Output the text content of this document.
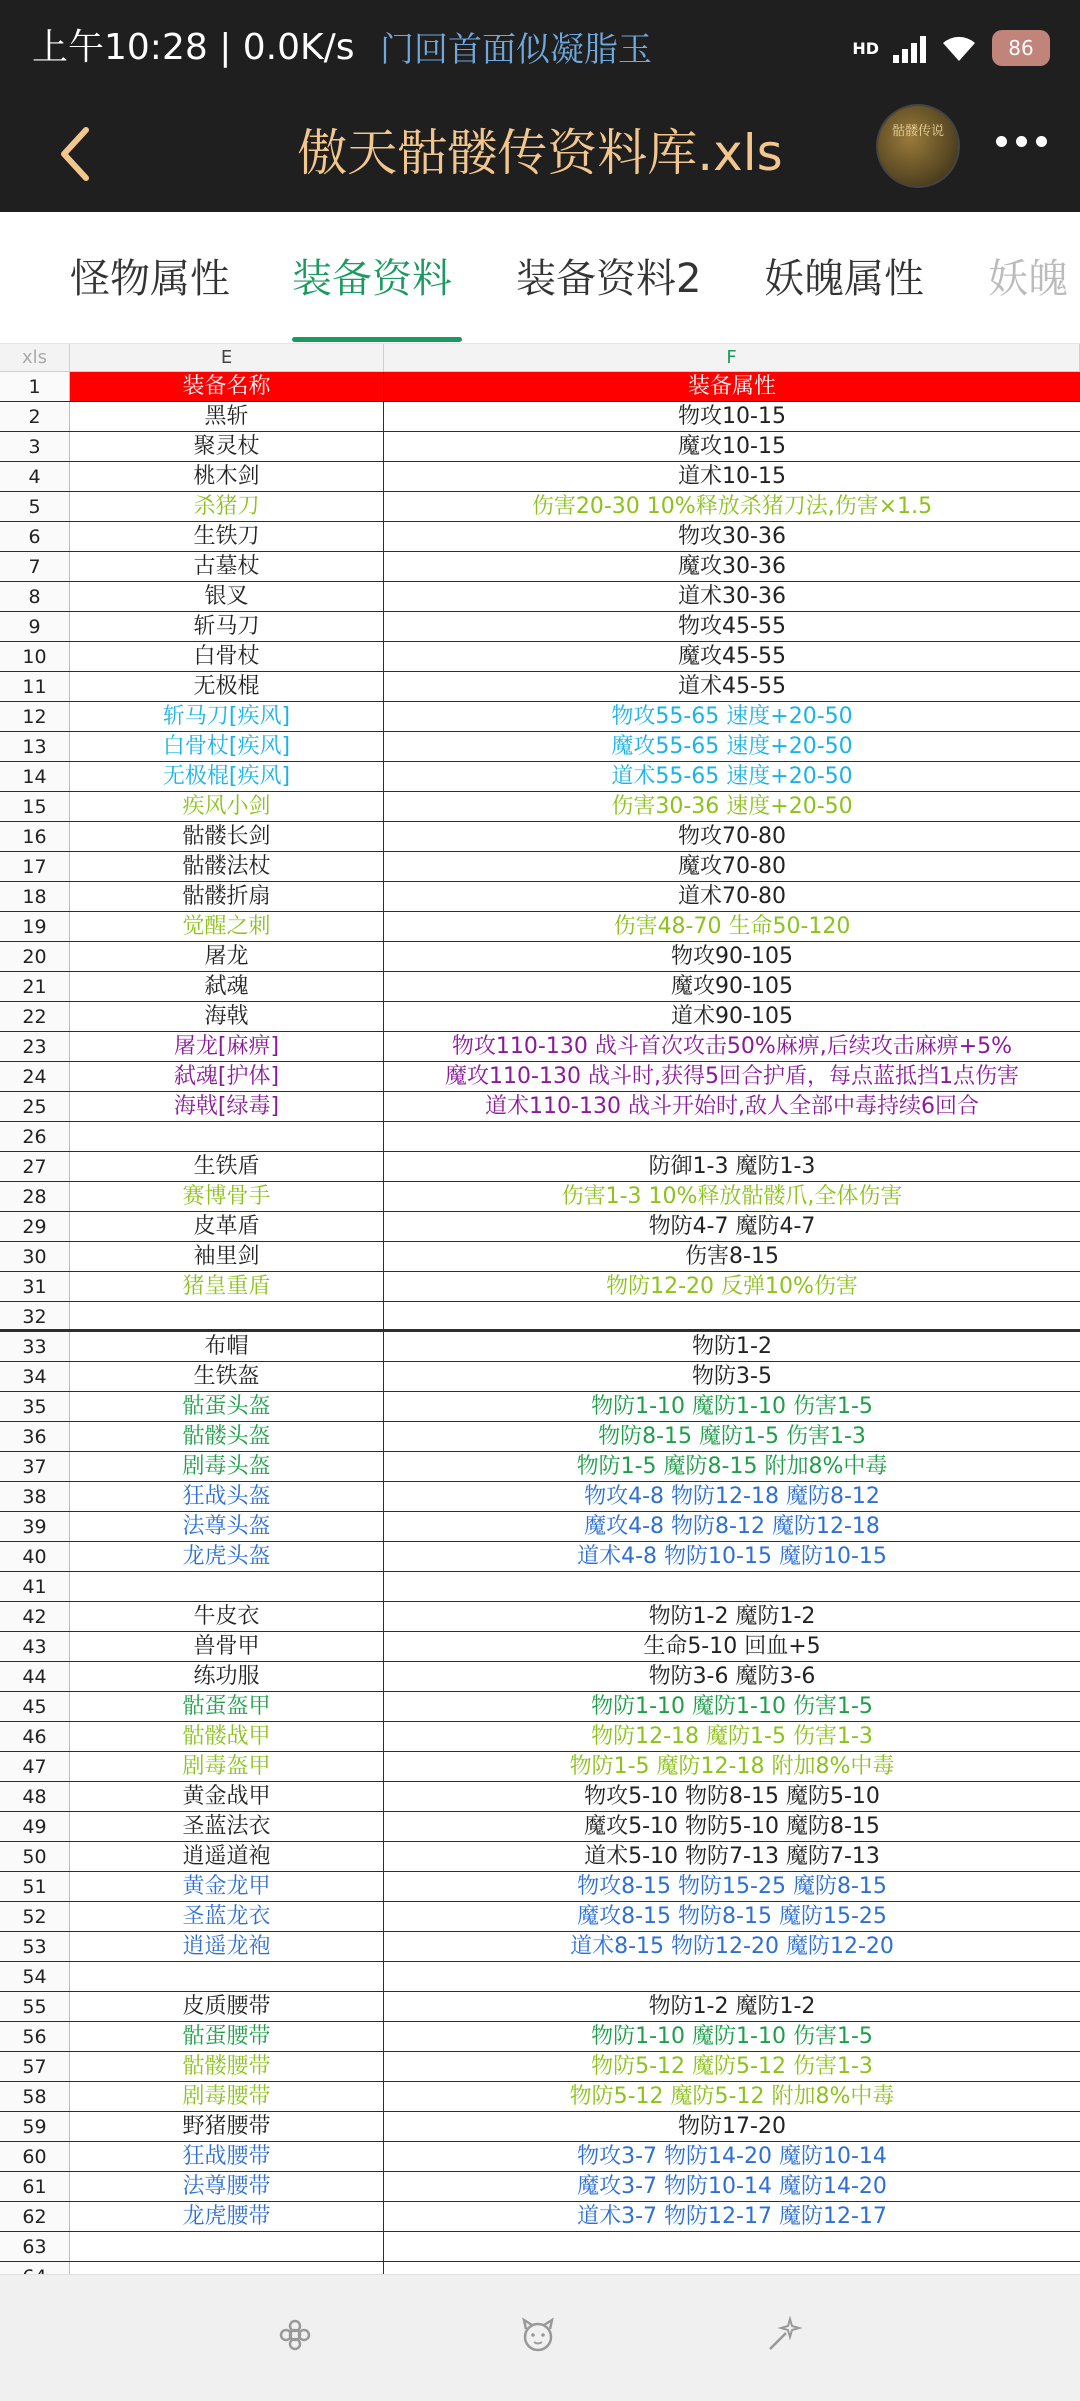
上午10:28 | 0.0K/s 门回首面似凝脂玉	HD	86
傲天骷髅传资料库.xls	骷髅传说
怪物属性 装备资料 装备资料2 妖魄属性 妖魄
xls	E	F
1	装备名称	装备属性
2	黑斩	物攻10-15
3	聚灵杖	魔攻10-15
4	桃木剑	道术10-15
5	杀猪刀	伤害20-30 10%释放杀猪刀法,伤害×1.5
6	生铁刀	物攻30-36
7	古墓杖	魔攻30-36
8	银叉	道术30-36
9	斩马刀	物攻45-55
10	白骨杖	魔攻45-55
11	无极棍	道术45-55
12	斩马刀[疾风]	物攻55-65 速度+20-50
13	白骨杖[疾风]	魔攻55-65 速度+20-50
14	无极棍[疾风]	道术55-65 速度+20-50
15	疾风小剑	伤害30-36 速度+20-50
16	骷髅长剑	物攻70-80
17	骷髅法杖	魔攻70-80
18	骷髅折扇	道术70-80
19	觉醒之刺	伤害48-70 生命50-120
20	屠龙	物攻90-105
21	弑魂	魔攻90-105
22	海戟	道术90-105
23	屠龙[麻痹]	物攻110-130 战斗首次攻击50%麻痹,后续攻击麻痹+5%
24	弑魂[护体]	魔攻110-130 战斗时,获得5回合护盾，每点蓝抵挡1点伤害
25	海戟[绿毒]	道术110-130 战斗开始时,敌人全部中毒持续6回合
26
27	生铁盾	防御1-3 魔防1-3
28	赛博骨手	伤害1-3 10%释放骷髅爪,全体伤害
29	皮革盾	物防4-7 魔防4-7
30	袖里剑	伤害8-15
31	猪皇重盾	物防12-20 反弹10%伤害
32
33	布帽	物防1-2
34	生铁盔	物防3-5
35	骷蛋头盔	物防1-10 魔防1-10 伤害1-5
36	骷髅头盔	物防8-15 魔防1-5 伤害1-3
37	剧毒头盔	物防1-5 魔防8-15 附加8%中毒
38	狂战头盔	物攻4-8 物防12-18 魔防8-12
39	法尊头盔	魔攻4-8 物防8-12 魔防12-18
40	龙虎头盔	道术4-8 物防10-15 魔防10-15
41
42	牛皮衣	物防1-2 魔防1-2
43	兽骨甲	生命5-10 回血+5
44	练功服	物防3-6 魔防3-6
45	骷蛋盔甲	物防1-10 魔防1-10 伤害1-5
46	骷髅战甲	物防12-18 魔防1-5 伤害1-3
47	剧毒盔甲	物防1-5 魔防12-18 附加8%中毒
48	黄金战甲	物攻5-10 物防8-15 魔防5-10
49	圣蓝法衣	魔攻5-10 物防5-10 魔防8-15
50	逍遥道袍	道术5-10 物防7-13 魔防7-13
51	黄金龙甲	物攻8-15 物防15-25 魔防8-15
52	圣蓝龙衣	魔攻8-15 物防8-15 魔防15-25
53	逍遥龙袍	道术8-15 物防12-20 魔防12-20
54
55	皮质腰带	物防1-2 魔防1-2
56	骷蛋腰带	物防1-10 魔防1-10 伤害1-5
57	骷髅腰带	物防5-12 魔防5-12 伤害1-3
58	剧毒腰带	物防5-12 魔防5-12 附加8%中毒
59	野猪腰带	物防17-20
60	狂战腰带	物攻3-7 物防14-20 魔防10-14
61	法尊腰带	魔攻3-7 物防10-14 魔防14-20
62	龙虎腰带	道术3-7 物防12-17 魔防12-17
63
